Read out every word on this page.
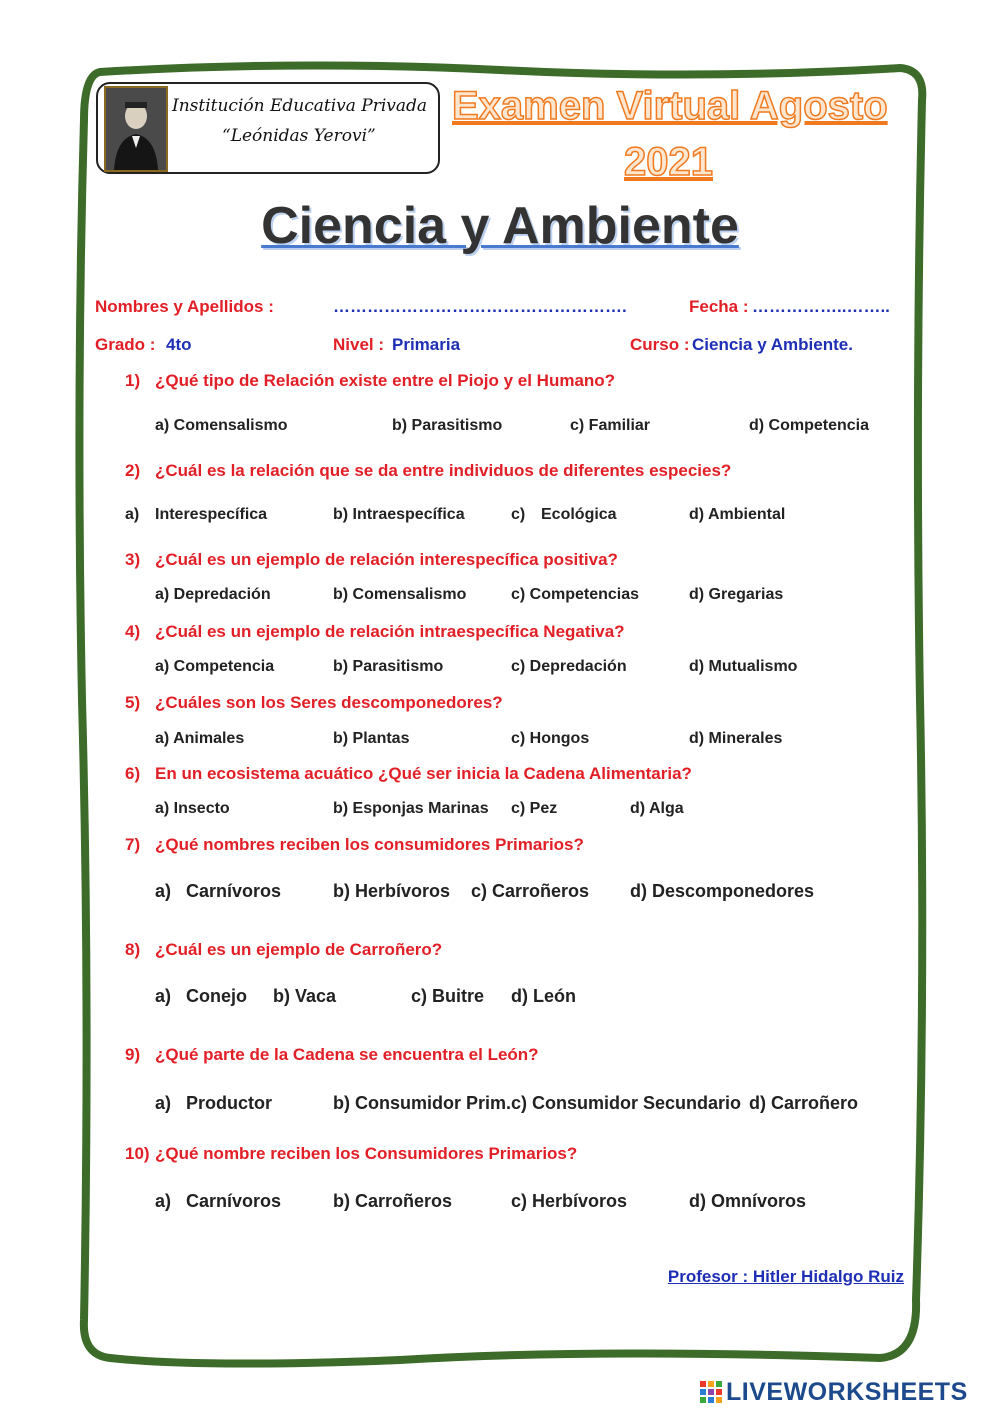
Institución Educativa Privada
“Leónidas Yerovi”
Examen Virtual Agosto
2021
Ciencia y Ambiente
Nombres y Apellidos :	…………………………………………….	Fecha : ……………..……..
Grado : 4to	Nivel : Primaria	Curso : Ciencia y Ambiente.
1) ¿Qué tipo de Relación existe entre el Piojo y el Humano?
a) Comensalismo	b) Parasitismo	c) Familiar	d) Competencia
2) ¿Cuál es la relación que se da entre individuos de diferentes especies?
a) Interespecífica	b) Intraespecífica	c) Ecológica	d) Ambiental
3) ¿Cuál es un ejemplo de relación interespecífica positiva?
a) Depredación	b) Comensalismo	c) Competencias	d) Gregarias
4) ¿Cuál es un ejemplo de relación intraespecífica Negativa?
a) Competencia	b) Parasitismo	c) Depredación	d) Mutualismo
5) ¿Cuáles son los Seres descomponedores?
a) Animales	b) Plantas	c) Hongos	d) Minerales
6) En un ecosistema acuático ¿Qué ser inicia la Cadena Alimentaria?
a) Insecto	b) Esponjas Marinas c) Pez	d) Alga
7) ¿Qué nombres reciben los consumidores Primarios?
a) Carnívoros	b) Herbívoros c) Carroñeros d) Descomponedores
8) ¿Cuál es un ejemplo de Carroñero?
a) Conejo b) Vaca	c) Buitre d) León
9) ¿Qué parte de la Cadena se encuentra el León?
a) Productor	b) Consumidor Prim. c) Consumidor Secundario d) Carroñero
10) ¿Qué nombre reciben los Consumidores Primarios?
a) Carnívoros	b) Carroñeros	c) Herbívoros	d) Omnívoros
Profesor : Hitler Hidalgo Ruiz
LIVEWORKSHEETS
